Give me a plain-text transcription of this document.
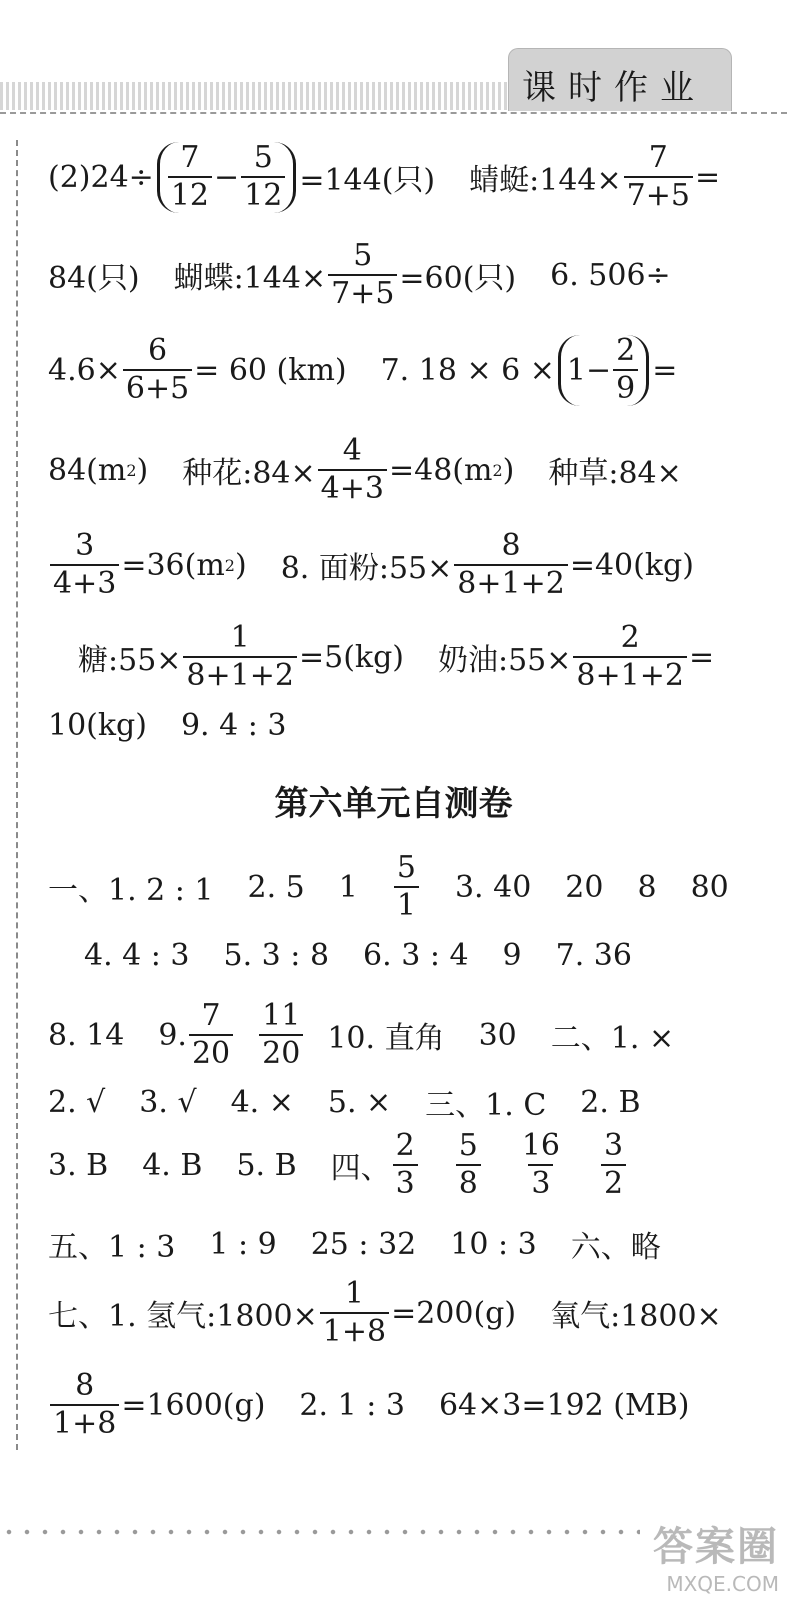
课时作业
$(2)24\div \frac{7}{12} - \frac{5}{12} =144$(只) 蜻蜓:144× $\frac{7}{7+5}$ =
84(只) 蝴蝶:144× $\frac{5}{7+5} =60$(只) 6. 506÷
$4.6\times \frac{6}{6+5} = 60$ (km) 7. $18 \times 6 \times 1- \frac{2}{9}$ =
84(m 2 ) 种花:84× $\frac{4}{4+3} =48(m$ 2 ) 种草:84×
$\frac{3}{4+3} =36(m$ 2 ) 8. 面粉:55× $\frac{8}{8+1+2} =40(kg)$
糖:55× $\frac{1}{8+1+2} =5(kg)$ 奶油:55× $\frac{2}{8+1+2}$ =
10(kg) 9. 4 : 3
第六单元自测卷
一、1. 2 : 1 2. 5 $1 \frac{5}{1} 3$. 40 20 8 80
4. 4 : 3 5. 3 : 8 6. 3 : 4 9 7. 36
8. 14 9. $\frac{7}{20} \frac{11}{20} 10$. 直角 30 二、1. ×
2. √ 3. √ 4. × 5. × 三、1. C 2. B
3. B 4. B 5. B 四、 $\frac{2}{3} \frac{5}{8} \frac{16}{3} \frac{3}{2}$
五、1 : 3 1 : 9 25 : 32 10 : 3 六、略
七、1. 氢气:1800× $\frac{1}{1+8} =200(g)$ 氧气:1800×
$\frac{8}{1+8} =1600(g)$ 2. 1 : 3 64×3=192 (MB)
答案圈
MXQE.COM
